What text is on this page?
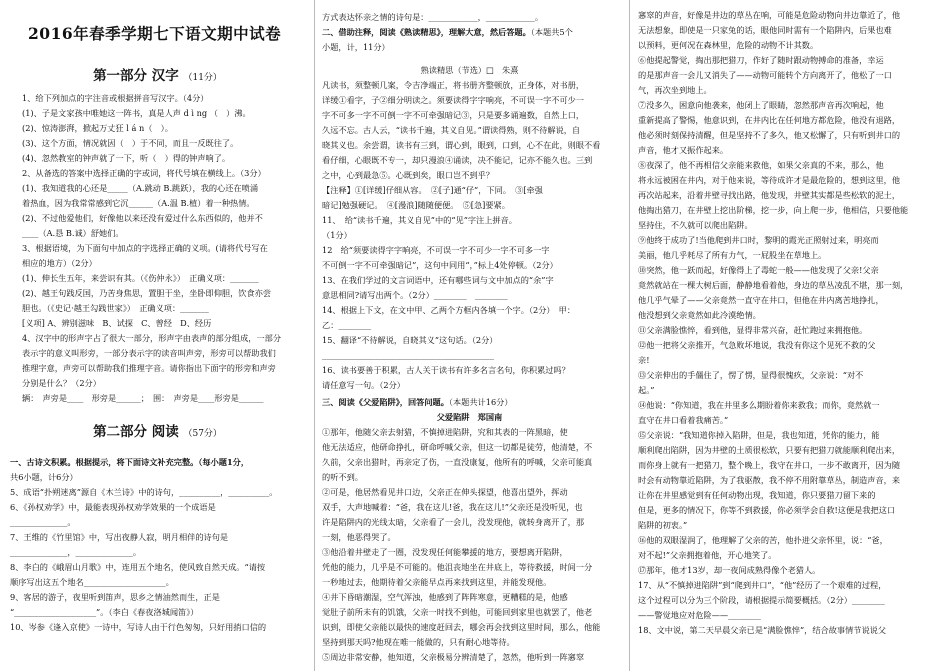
2016年春季学期七下语文期中试卷
第一部分 汉字 （11分）
1、给下列加点的字注音或根据拼音写汉字。（4分）
(1)、子是文家孩中唯她这一阵书，真是人声 d ì ng （　）沸。
(2)、惊涛澎湃，掀起万丈狂 l á n（　）。
(3)、这个方面，情况就因（　）于不同，而且一反既往了。
(4)、忽然教室的钟声就了一下，听（　）得的钟声响了。
2、从备选的答案中选择正确的字或词，将代号填在横线上。（3分）
(1)、我知道我的心还是_____（A.跳动 B.跳跃），我的心还在喷涌
着热血，因为我常常感到它沉______（A.温 B.植）着一种热情。
(2)、不过他爱他们，好像他以来还没有爱过什么东西似的，他并不
____（A.恳 B.诚）舒她们。
3、根据语境，为下面句中加点的字选择正确的义项。(请将代号写在
相应的地方）（2分）
(1)、伸长生五年，来尝识有其。（《伤仲永》）　正确义项：_______
(2)、越王句践反国，乃苦身焦思，置胆于坐，坐卧即仰胆，饮食亦尝
胆也。（《史记·越王勾践世家》）　正确义项：_______
[义项] A、辨别滋味　B、试探　C、曾经　D、经历
4、汉字中的形声字占了很大一部分，形声字由表声的部分组成，一部分
表示字的意义叫形旁，一部分表示字的读音叫声旁，形旁可以帮助我们
推理字意，声旁可以帮助我们推理字音。请你指出下面字的形旁和声旁
分别是什么？（2分）
辆：　声旁是____　形旁是______；　围：　声旁是____形旁是______
第二部分 阅读 （57分）
一、古诗文积累。根据提示，将下面诗文补充完整。（每小题1分，
共6小题，计6分）
5、成语“扑朔迷离”源自《木兰诗》中的诗句，__________，__________。
6、《孙权劝学》中，最能表现孙权劝学效果的一个成语是
______________。
7、王维的《竹里馆》中，写出夜静人寂，明月相伴的诗句是
______________，______________。
8、李白的《峨眉山月歌》中，连用五个地名，使风致自然天成。“请按
顺序写出这五个地名____________________。
9、客居的游子，夜里听到笛声，思乡之情油然而生，正是
“____________________”。（李白《春夜洛城闻笛》）
10、岑参《逢入京使》一诗中，写诗人由于行色匆匆，只好用捎口信的
方式表达怀亲之情的诗句是：____________，____________。
二、借助注释，阅读《熟读精思》，理解大意，然后答题。（本题共5个
小题，计，11分）
熟读精思（节选）□　朱熹
凡读书，须整顿几案，令吉净端正，将书册齐整顿放，正身体，对书册，
详缓①看字，子②细分明读之。须要读得字字响亮，不可误一字不可少一
字不可多一字不可倒一字不可牵强暗记③，只是要多诵遍数，自然上口，
久远不忘。古人云，“读书千遍，其义自见。”谓读得熟，则不待解说，自
晓其义也。余尝谓，读书有三到，谓心到，眼到，口到，心不在此，则眼不看
看仔细，心眼既不专一，却只漫浪④诵读，决不能记，记亦不能久也。三到
之中，心到最急⑤。心既到矣，眼口岂不到乎？
【注释】①[详缓]仔细从容。　②[子]通“仔”，下同。　③[牵强
暗记]勉强硬记。　④[漫浪]随随便便。　⑤[急]要紧。
11、　给“读书千遍，其义自见”中的“见”字注上拼音。
（1分）
12　给“须要读得字字响亮，不可误一字不可少一字不可多一字
不可倒一字不可牵强暗记”，这句中同用“，”标上4处停顿。（2分）
13、在我们学过的文言词语中，还有哪些词与文中加点的“余”字
意思相同?请写出两个。（2分）________　________
14、根据上下文，在文中甲、乙两个方框内各填一个字。（2分）　甲：
乙：________
15、翻译“不待解说，自晓其义”这句话。（2分）
__________________________________________
16、读书要善于积累，古人关于读书有许多名言名句，你积累过吗？
请任意写一句。（2分）
三、阅读《父爱陷阱》，回答问题。（本题共计16分）
父爱陷阱　郑国南
①那年，他随父亲去射猎，不慎掉进陷阱，究和其表的一阵黑暗，使
他无法适应，他研命挣扎，研命呼喊父亲，但这一切都是徒劳，他清楚，不
久前，父亲出猎时，再亲定了伤，一直没康复，他所有的呼喊，父亲可能真
的听不到。
②可是，他居然看见井口边，父亲正在伸头探望，他喜出望外，挥动
双手，大声地喊着：“爸，我在这儿!爸，我在这儿!”父亲还是没听见，也
许是陷阱内的光线太暗，父亲看了一会儿，没发现他，就转身离开了，那
一刻，他恶得哭了。
③他沿着井壁走了一圈，没发现任何能攀援的地方，要想离开陷阱，
凭他的能力，几乎是不可能的。他沮丧地坐在井底上，等待救援，时间一分
一秒地过去，他期待着父亲能早点再来找到这里，并能发现他。
④井下昏暗潮湿，空气浑浊，他感到了阵阵寒意，更糟糕的是，他感
觉肚子前所未有的饥饿，父亲一时找不到他，可能回到家里也就罢了，他老
识到，即使父亲能以最快的速度赶回去，哪会再会找到这里时间，那么，他能
坚持到那天吗?他现在唯一能做的，只有耐心地等待。
⑤周边非常安静，他知道，父亲极易分辨清楚了，忽然，他听到一阵窸窣
窸窣的声音，好像是井边的草丛在响，可能是危险动物向井边靠近了，他
无法想象，即使是一只家兔的话，眼他同时需有一个陷阱内，后果也难
以预料，更何况在森林里，危险的动物不计其数。
⑥他提起警觉，掏出那把猎刀，作好了随时跟动物搏命的准备，幸运
的是那声音一会儿又消失了——动物可能转个方向离开了，他松了一口
气，再次坐到地上。
⑦没多久，困意向他袭来，他闭上了眼睛，忽然那声音再次响起，他
重新提高了警惕，他意识到，在井内比在任何地方都危险，他没有退路，
他必须时刻保持清醒，但是坚持不了多久，他又松懈了，只有听到井口的
声音，他才又振作起来。
⑧夜深了，他不再相信父亲能来救他，如果父亲真的不来，那么，他
将永远被困在井内，对于他来说，等待成许才是最危险的，想到这里，他
再次站起来，沿着井壁寻找出路，他发现，井壁其实都是些松软的泥土，
他掏出猎刀，在井壁上挖出阶梯，挖一步，向上爬一步，他相信，只要他能
坚持住，不久就可以爬出陷阱。
⑨他终于成功了!当他爬到井口时，黎明的霞光正照射过来，明亮而
美丽，他几乎耗尽了所有力气，一屁股坐在草地上。
⑩突然，他一跃而起，好像得上了毒蛇一般——他发现了父亲!父亲
竟然就站在一棵大树后面，静静地看着他，身边的草丛凌乱不堪，那一刻，
他几乎气晕了——父亲竟然一直守在井口，但他在井内离苦地挣扎，
他没想到父亲竟然如此冷漠绝情。
⑪父亲满脸憔悴，看到他，显得非常兴奋，赶忙跑过来拥抱他。
⑫他一把将父亲推开，气急败坏地说，我没有你这个见死不救的父
亲!
⑬父亲伸出的手僵住了，愣了愣，显得很愧疚，父亲说：“对不
起。”
⑭他说：“你知道，我在井里多么期盼着你来救我；而你，竟然就一
直守在井口看着我痛苦。”
⑮父亲说：“我知道你掉入陷阱，但是，我也知道，凭你的能力，能
顺利爬出陷阱，因为井壁的土质很松软，只要有把猎刀就能顺利爬出来，
而你身上就有一把猎刀，整个晚上，我守在井口，一步不敢离开，因为随
时会有动物靠近陷阱，为了我驱散，我不停不用附靠草丛，制造声音，来
让你在井里感觉到有任何动物出现，我知道，你只要猎刀留下来的
但是，更多的情况下，你等不到救援，你必须学会自救!这便是我把这口
陷阱的初衷。”
⑯他的双眼湿润了，他理解了父亲的苦，他扑进父亲怀里，说：“爸，
对不起!”父亲拥抱着他，开心地笑了。
⑰那年，他才13岁，却一夜间成熟得像个老猎人。
17、从“不慎掉进陷阱”到“爬到井口”，“他”经历了一个艰难的过程，
这个过程可以分为三个阶段，请根据提示简要概括。（2分）________
——警觉地应对危险——________
18、文中说，第二天早晨父亲已是“满脸憔悴”，结合故事情节说说父
